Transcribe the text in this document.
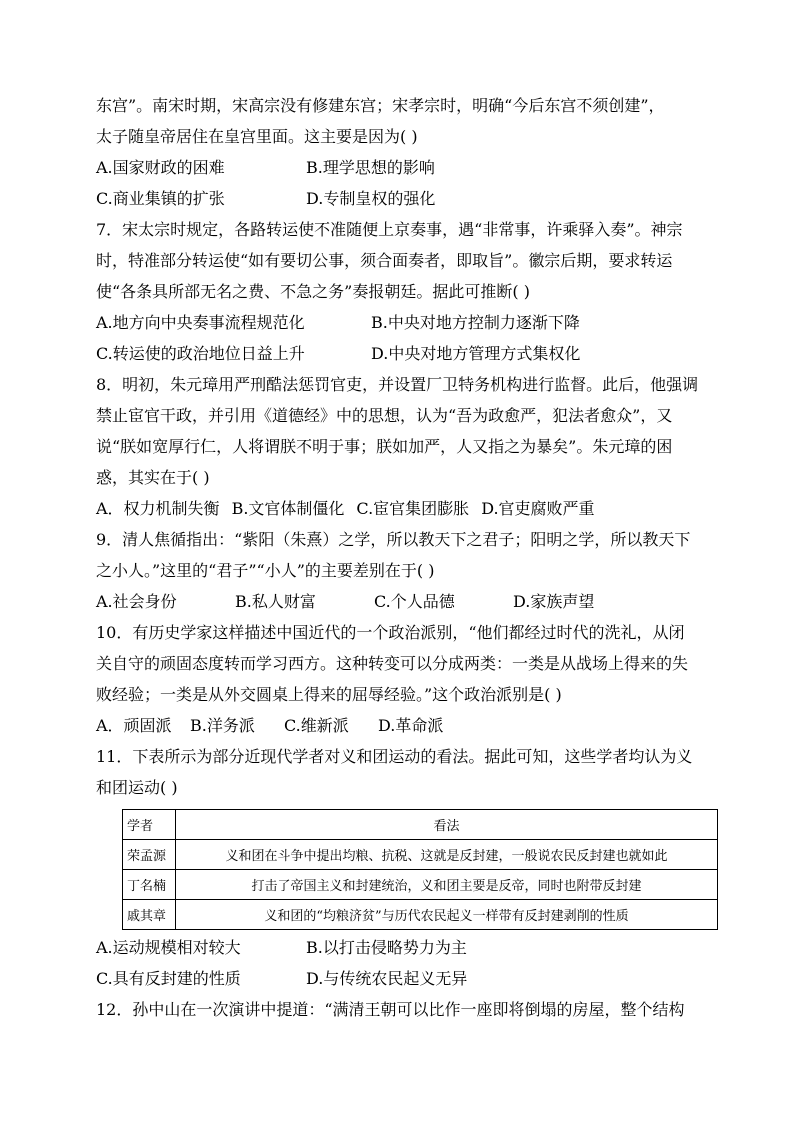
东宫”。南宋时期，宋高宗没有修建东宫；宋孝宗时，明确“今后东宫不须创建”，
太子随皇帝居住在皇宫里面。这主要是因为( )
A.国家财政的困难	B.理学思想的影响
C.商业集镇的扩张	D.专制皇权的强化
7．宋太宗时规定，各路转运使不准随便上京奏事，遇“非常事，许乘驿入奏”。神宗
时，特准部分转运使“如有要切公事，须合面奏者，即取旨”。徽宗后期，要求转运
使“各条具所部无名之费、不急之务”奏报朝廷。据此可推断( )
A.地方向中央奏事流程规范化	B.中央对地方控制力逐渐下降
C.转运使的政治地位日益上升	D.中央对地方管理方式集权化
8．明初，朱元璋用严刑酷法惩罚官吏，并设置厂卫特务机构进行监督。此后，他强调
禁止宦官干政，并引用《道德经》中的思想，认为“吾为政愈严，犯法者愈众”，又
说“朕如宽厚行仁，人将谓朕不明于事；朕如加严，人又指之为暴矣”。朱元璋的困
惑，其实在于( )
A．权力机制失衡 B.文官体制僵化 C.宦官集团膨胀 D.官吏腐败严重
9．清人焦循指出：“紫阳（朱熹）之学，所以教天下之君子；阳明之学，所以教天下
之小人。”这里的“君子”“小人”的主要差别在于( )
A.社会身份	B.私人财富	C.个人品德	D.家族声望
10．有历史学家这样描述中国近代的一个政治派别，“他们都经过时代的洗礼，从闭
关自守的顽固态度转而学习西方。这种转变可以分成两类：一类是从战场上得来的失
败经验；一类是从外交圆桌上得来的屈辱经验。”这个政治派别是( )
A．顽固派	B.洋务派	C.维新派	D.革命派
11．下表所示为部分近现代学者对义和团运动的看法。据此可知，这些学者均认为义
和团运动( )
学者	看法
荣孟源	义和团在斗争中提出均粮、抗税、这就是反封建，一般说农民反封建也就如此
丁名楠	打击了帝国主义和封建统治，义和团主要是反帝，同时也附带反封建
戚其章	义和团的“均粮济贫”与历代农民起义一样带有反封建剥削的性质
A.运动规模相对较大	B.以打击侵略势力为主
C.具有反封建的性质	D.与传统农民起义无异
12．孙中山在一次演讲中提道：“满清王朝可以比作一座即将倒塌的房屋，整个结构
